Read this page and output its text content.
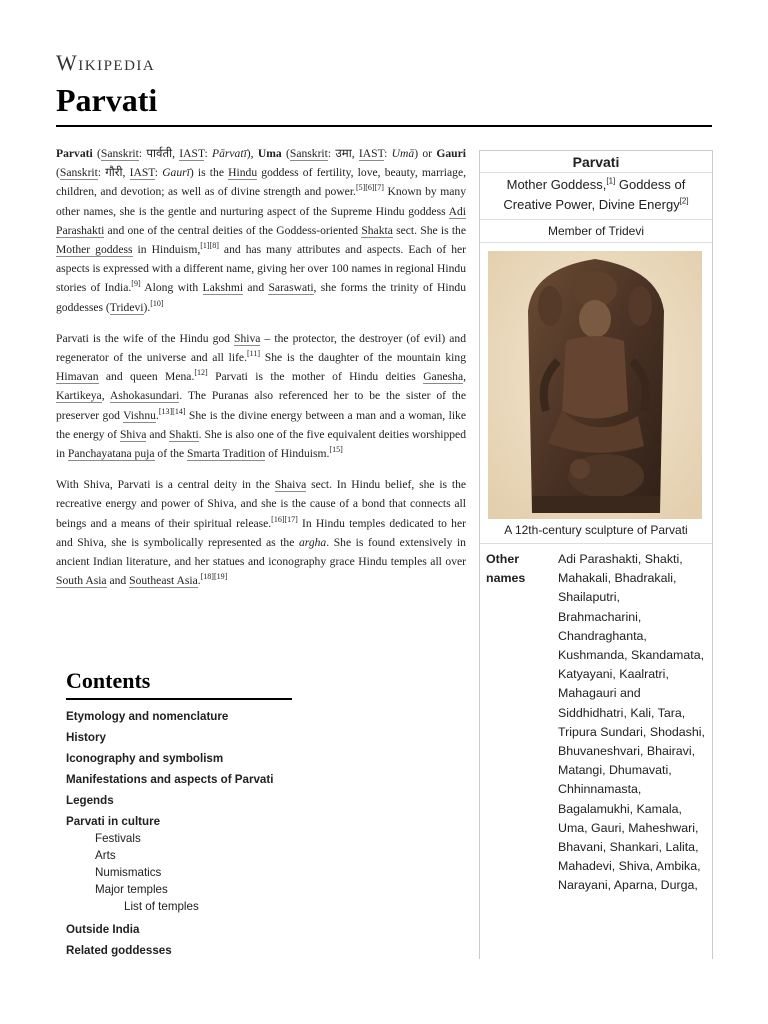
Wikipedia
Parvati

Parvati (Sanskrit: पार्वती, IAST: Pārvatī), Uma (Sanskrit: उमा, IAST: Umā) or Gauri (Sanskrit: गौरी, IAST: Gaurī) is the Hindu goddess of fertility, love, beauty, marriage, children, and devotion; as well as of divine strength and power.[5][6][7] Known by many other names, she is the gentle and nurturing aspect of the Supreme Hindu goddess Adi Parashakti and one of the central deities of the Goddess-oriented Shakta sect. She is the Mother goddess in Hinduism,[1][8] and has many attributes and aspects. Each of her aspects is expressed with a different name, giving her over 100 names in regional Hindu stories of India.[9] Along with Lakshmi and Saraswati, she forms the trinity of Hindu goddesses (Tridevi).[10]

Parvati is the wife of the Hindu god Shiva – the protector, the destroyer (of evil) and regenerator of the universe and all life.[11] She is the daughter of the mountain king Himavan and queen Mena.[12] Parvati is the mother of Hindu deities Ganesha, Kartikeya, Ashokasundari. The Puranas also referenced her to be the sister of the preserver god Vishnu.[13][14] She is the divine energy between a man and a woman, like the energy of Shiva and Shakti. She is also one of the five equivalent deities worshipped in Panchayatana puja of the Smarta Tradition of Hinduism.[15]

With Shiva, Parvati is a central deity in the Shaiva sect. In Hindu belief, she is the recreative energy and power of Shiva, and she is the cause of a bond that connects all beings and a means of their spiritual release.[16][17] In Hindu temples dedicated to her and Shiva, she is symbolically represented as the argha. She is found extensively in ancient Indian literature, and her statues and iconography grace Hindu temples all over South Asia and Southeast Asia.[18][19]

Parvati
Mother Goddess,[1] Goddess of Creative Power, Divine Energy[2]
Member of Tridevi
A 12th-century sculpture of Parvati
Other names
Adi Parashakti, Shakti, Mahakali, Bhadrakali, Shailaputri, Brahmacharini, Chandraghanta, Kushmanda, Skandamata, Katyayani, Kaalratri, Mahagauri and Siddhidhatri, Kali, Tara, Tripura Sundari, Shodashi, Bhuvaneshvari, Bhairavi, Matangi, Dhumavati, Chhinnamasta, Bagalamukhi, Kamala, Uma, Gauri, Maheshwari, Bhavani, Shankari, Lalita, Mahadevi, Shiva, Ambika, Narayani, Aparna, Durga,
Contents
Etymology and nomenclature
History
Iconography and symbolism
Manifestations and aspects of Parvati
Legends
Parvati in culture
Festivals
Arts
Numismatics
Major temples
List of temples
Outside India
Related goddesses
